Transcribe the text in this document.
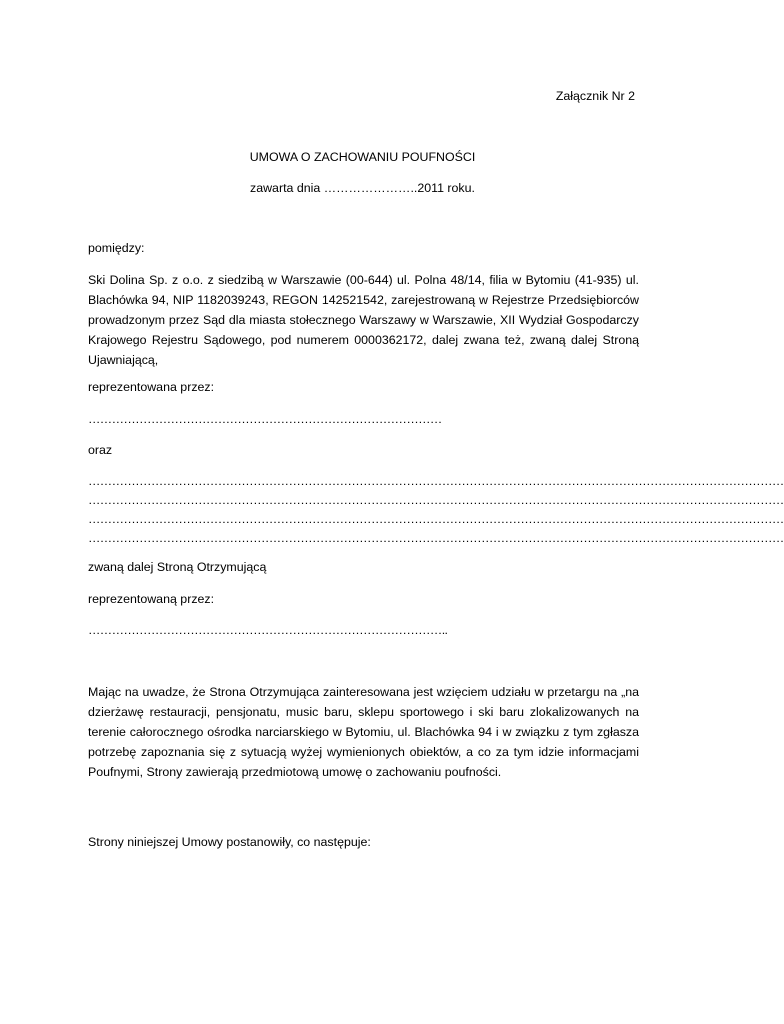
Załącznik Nr 2
UMOWA O ZACHOWANIU POUFNOŚCI
zawarta dnia …………………..2011 roku.
pomiędzy:
Ski Dolina Sp. z o.o. z siedzibą w Warszawie (00-644) ul. Polna 48/14, filia w Bytomiu (41-935) ul. Blachówka 94, NIP 1182039243, REGON 142521542, zarejestrowaną w Rejestrze Przedsiębiorców prowadzonym przez Sąd dla miasta stołecznego Warszawy w Warszawie, XII Wydział Gospodarczy Krajowego Rejestru Sądowego, pod numerem 0000362172, dalej zwana też, zwaną dalej Stroną Ujawniającą,
reprezentowana przez:
………………………………………………………………………………
oraz
……………………………………………………………………………………………………………………………………………………………
……………………………………………………………………………………………………………………………………………………………
……………………………………………………………………………………………………………………………………………………………
……………………………………………………………………………………………………………………………………………………………
zwaną dalej Stroną Otrzymującą
reprezentowaną przez:
………………………………………………………………………………..
Mając na uwadze, że Strona Otrzymująca zainteresowana jest wzięciem udziału w przetargu na „na dzierżawę restauracji, pensjonatu, music baru, sklepu sportowego i ski baru zlokalizowanych na terenie całorocznego ośrodka narciarskiego w Bytomiu, ul. Blachówka 94 i w związku z tym zgłasza potrzebę zapoznania się z sytuacją wyżej wymienionych obiektów, a co za tym idzie informacjami Poufnymi, Strony zawierają przedmiotową umowę o zachowaniu poufności.
Strony niniejszej Umowy postanowiły, co następuje:
